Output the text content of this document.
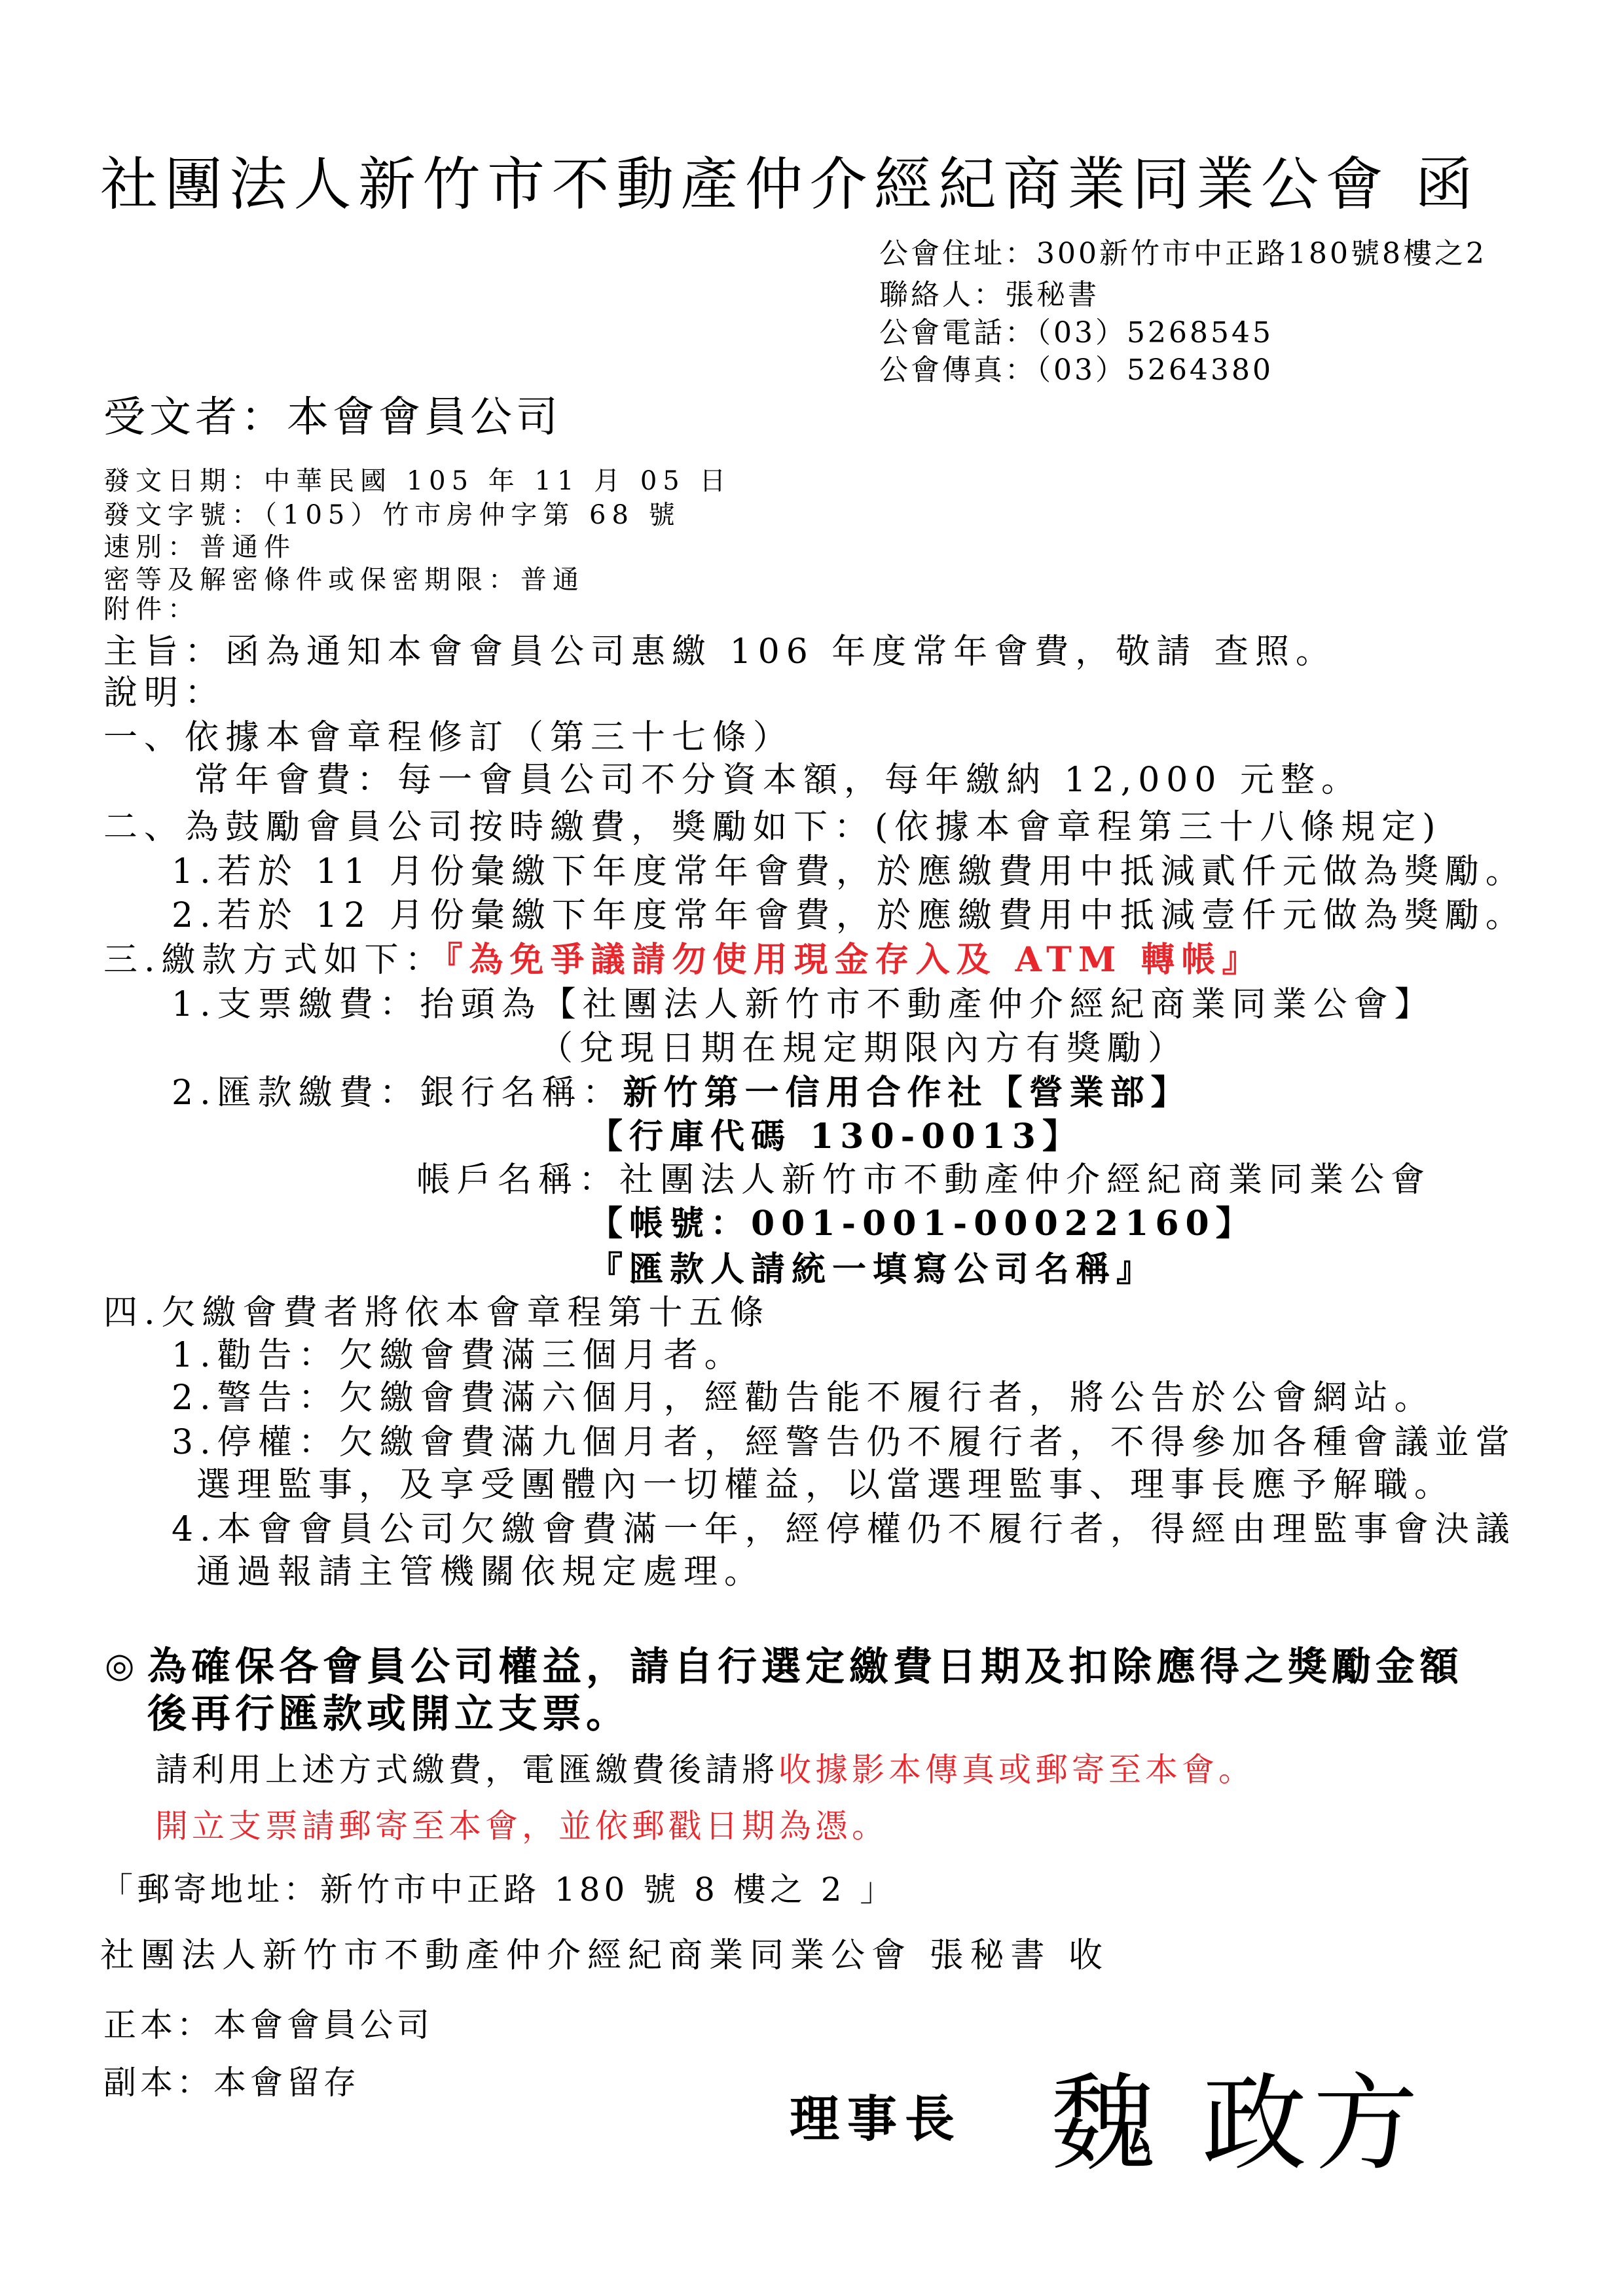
社團法人新竹市不動產仲介經紀商業同業公會 函
公會住址：300新竹市中正路180號8樓之2
聯絡人：張秘書
公會電話：（03）5268545
公會傳真：（03）5264380
受文者：本會會員公司
發文日期：中華民國 105 年 11 月 05 日
發文字號：（105）竹市房仲字第 68 號
速別：普通件
密等及解密條件或保密期限：普通
附件：
主旨：函為通知本會會員公司惠繳 106 年度常年會費，敬請 查照。
說明：
一、依據本會章程修訂（第三十七條）
常年會費：每一會員公司不分資本額，每年繳納 12,000 元整。
二、為鼓勵會員公司按時繳費，獎勵如下：(依據本會章程第三十八條規定)
1.若於 11 月份彙繳下年度常年會費，於應繳費用中抵減貳仟元做為獎勵。
2.若於 12 月份彙繳下年度常年會費，於應繳費用中抵減壹仟元做為獎勵。
三.繳款方式如下：『為免爭議請勿使用現金存入及 ATM 轉帳』
1.支票繳費：抬頭為【社團法人新竹市不動產仲介經紀商業同業公會】
（兌現日期在規定期限內方有獎勵）
2.匯款繳費：銀行名稱：新竹第一信用合作社【營業部】
【行庫代碼 130-0013】
帳戶名稱：社團法人新竹市不動產仲介經紀商業同業公會
【帳號：001-001-00022160】
『匯款人請統一填寫公司名稱』
四.欠繳會費者將依本會章程第十五條
1.勸告：欠繳會費滿三個月者。
2.警告：欠繳會費滿六個月，經勸告能不履行者，將公告於公會網站。
3.停權：欠繳會費滿九個月者，經警告仍不履行者，不得參加各種會議並當
選理監事，及享受團體內一切權益，以當選理監事、理事長應予解職。
4.本會會員公司欠繳會費滿一年，經停權仍不履行者，得經由理監事會決議
通過報請主管機關依規定處理。
◎ 為確保各會員公司權益，請自行選定繳費日期及扣除應得之獎勵金額
後再行匯款或開立支票。
請利用上述方式繳費，電匯繳費後請將收據影本傳真或郵寄至本會。
開立支票請郵寄至本會，並依郵戳日期為憑。
「郵寄地址：新竹市中正路 180 號 8 樓之 2 」
社團法人新竹市不動產仲介經紀商業同業公會 張秘書 收
正本：本會會員公司
副本：本會留存
理事長 魏 政方
